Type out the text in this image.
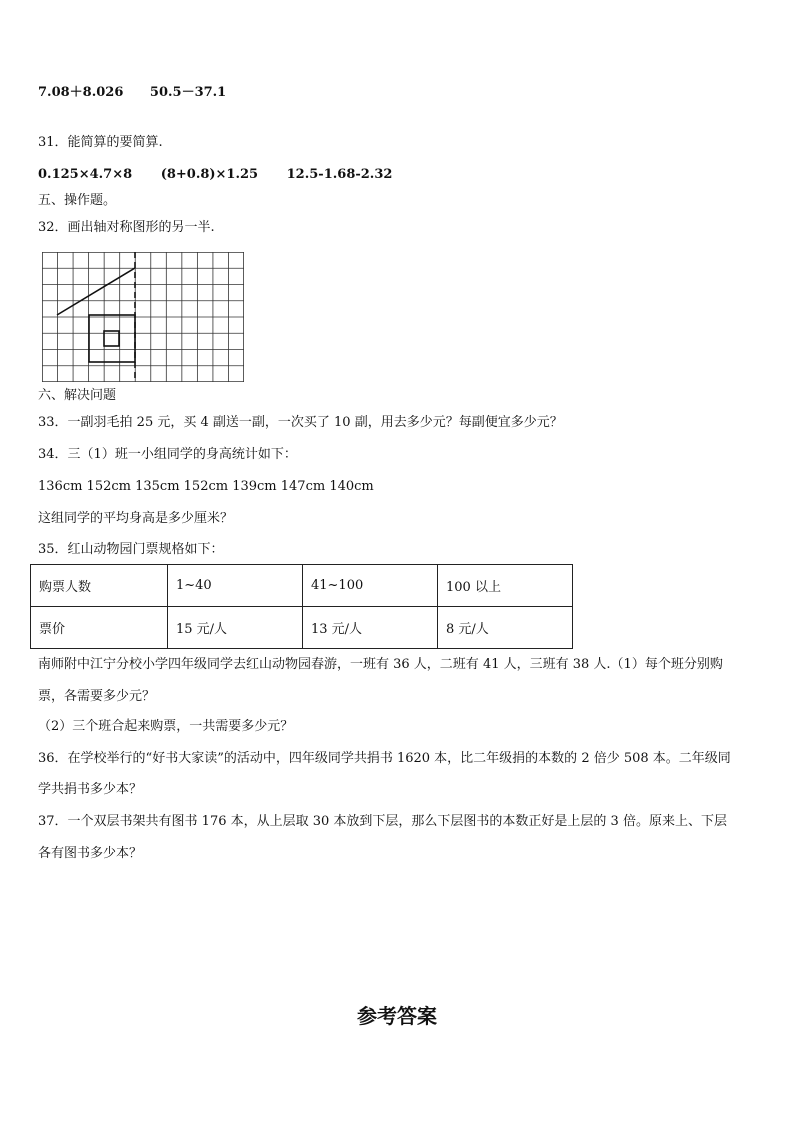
7.08＋8.026 50.5－37.1
31．能简算的要简算.
0.125×4.7×8 (8+0.8)×1.25 12.5-1.68-2.32
五、操作题。
32．画出轴对称图形的另一半.
六、解决问题
33．一副羽毛拍 25 元，买 4 副送一副，一次买了 10 副，用去多少元？每副便宜多少元？
34．三（1）班一小组同学的身高统计如下：
136cm 152cm 135cm 152cm 139cm 147cm 140cm
这组同学的平均身高是多少厘米？
35．红山动物园门票规格如下：
购票人数	1~40	41~100	100 以上
票价	15 元/人	13 元/人	8 元/人
南师附中江宁分校小学四年级同学去红山动物园春游，一班有 36 人，二班有 41 人，三班有 38 人.（1）每个班分别购
票，各需要多少元？
（2）三个班合起来购票，一共需要多少元？
36．在学校举行的“好书大家读”的活动中，四年级同学共捐书 1620 本，比二年级捐的本数的 2 倍少 508 本。二年级同
学共捐书多少本？
37．一个双层书架共有图书 176 本，从上层取 30 本放到下层，那么下层图书的本数正好是上层的 3 倍。原来上、下层
各有图书多少本？
参考答案
